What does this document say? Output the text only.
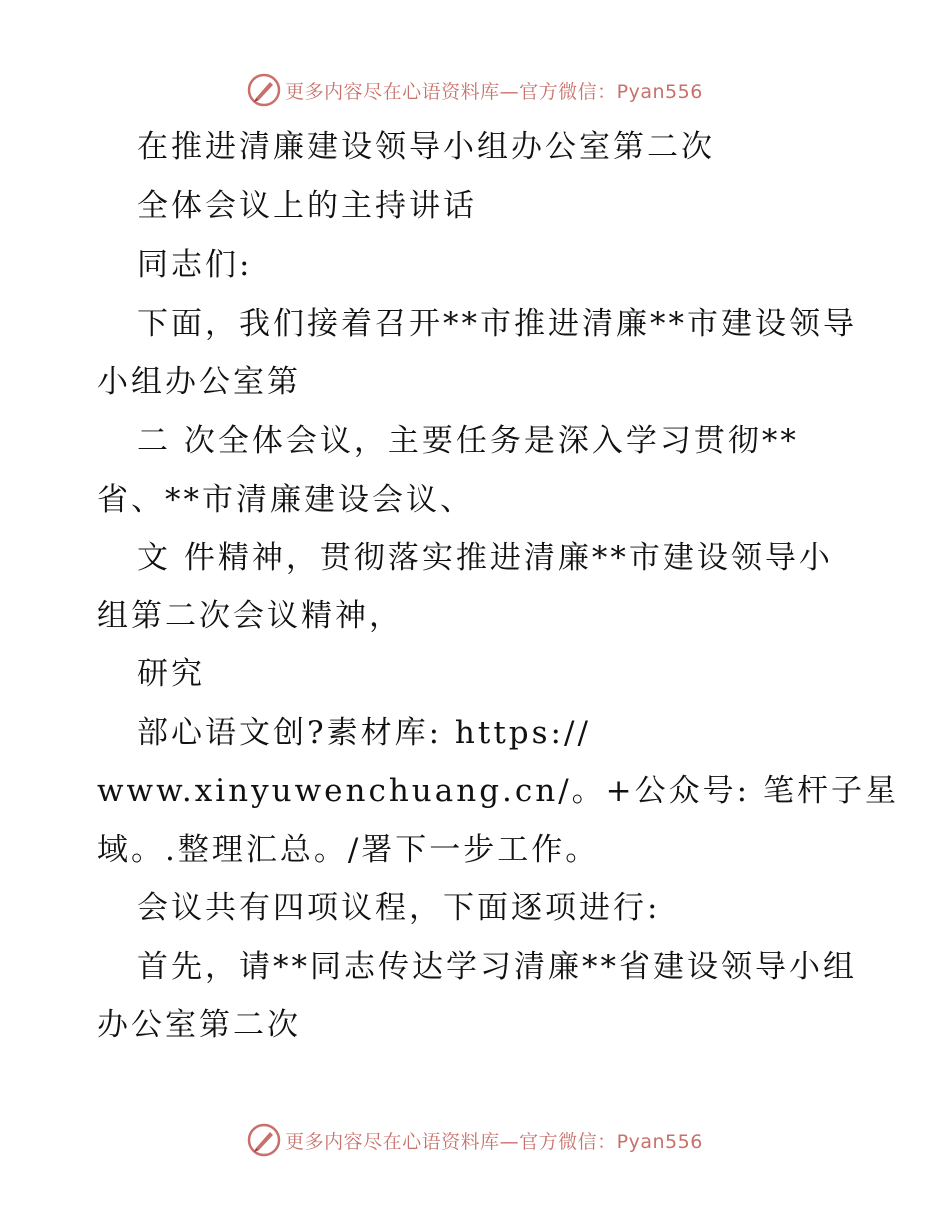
更多内容尽在心语资料库—官方微信：Pyan556
在推进清廉建设领导小组办公室第二次
全体会议上的主持讲话
同志们:
下面，我们接着召开**市推进清廉**市建设领导
小组办公室第
二 次全体会议，主要任务是深入学习贯彻**
省、**市清廉建设会议、
文 件精神，贯彻落实推进清廉**市建设领导小
组第二次会议精神，
研究
部心语文创?素材库: https://
www.xinyuwenchuang.cn/。+公众号: 笔杆子星
域。.整理汇总。/署下一步工作。
会议共有四项议程，下面逐项进行:
首先，请**同志传达学习清廉**省建设领导小组
办公室第二次
更多内容尽在心语资料库—官方微信：Pyan556
